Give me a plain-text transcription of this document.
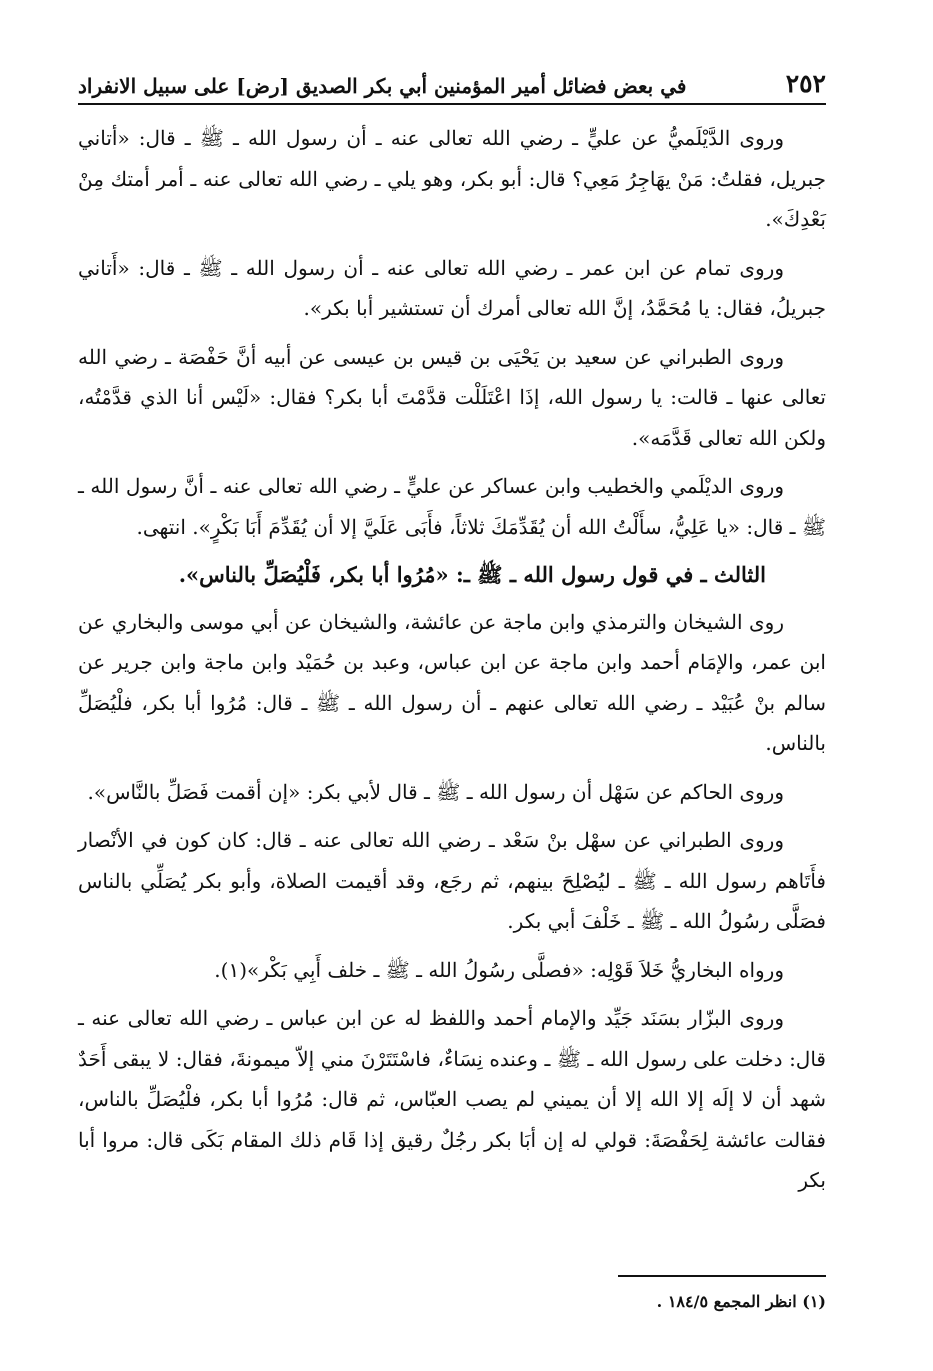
٢٥٢
في بعض فضائل أمير المؤمنين أبي بكر الصديق [رض] على سبيل الانفراد

وروى الدَّيْلَميُّ عن عليٍّ ـ رضي الله تعالى عنه ـ أن رسول الله ـ ﷺ ـ قال: «أتاني جبريل، فقلتُ: مَنْ يهَاجِرُ مَعِي؟ قال: أبو بكر، وهو يلي ـ رضي الله تعالى عنه ـ أمر أمتك مِنْ بَعْدِكَ».

وروى تمام عن ابن عمر ـ رضي الله تعالى عنه ـ أن رسول الله ـ ﷺ ـ قال: «أَتاني جبريلُ، فقال: يا مُحَمَّدُ، إنَّ الله تعالى أمرك أن تستشير أبا بكر».

وروى الطبراني عن سعيد بن يَحْيَى بن قيس بن عيسى عن أبيه أنَّ حَفْصَة ـ رضي الله تعالى عنها ـ قالت: يا رسول الله، إذَا اعْتَلَلْت قدَّمْتَ أبا بكر؟ فقال: «لَيْس أنا الذي قدَّمْتُه، ولكن الله تعالى قَدَّمَه».

وروى الديْلَمي والخطيب وابن عساكر عن عليٍّ ـ رضي الله تعالى عنه ـ أنَّ رسول الله ـ ﷺ ـ قال: «يا عَلِيُّ، سأَلْتُ الله أن يُقَدِّمَكَ ثلاثاً، فأَبَى عَلَيَّ إلا أن يُقَدِّمَ أَبَا بَكْرٍ». انتهى.

الثالث ـ في قول رسول الله ـ ﷺ ـ: «مُرُوا أبا بكر، فَلْيُصَلِّ بالناس».

روى الشيخان والترمذي وابن ماجة عن عائشة، والشيخان عن أبي موسى والبخاري عن ابن عمر، والإمَام أحمد وابن ماجة عن ابن عباس، وعبد بن حُمَيْد وابن ماجة وابن جرير عن سالم بنْ عُبَيْد ـ رضي الله تعالى عنهم ـ أن رسول الله ـ ﷺ ـ قال: مُرُوا أبا بكر، فلْيُصَلِّ بالناس.

وروى الحاكم عن سَهْل أن رسول الله ـ ﷺ ـ قال لأبي بكر: «إن أقمت فَصَلِّ بالنَّاس».

وروى الطبراني عن سهْل بنْ سَعْد ـ رضي الله تعالى عنه ـ قال: كان كون في الأنْصار فأَتَاهم رسول الله ـ ﷺ ـ ليُصْلِحَ بينهم، ثم رجَع، وقد أقيمت الصلاة، وأبو بكر يُصَلِّي بالناس فصَلَّى رسُولُ الله ـ ﷺ ـ خَلْفَ أبي بكر.

ورواه البخاريُّ خَلاَ قَوْلِه: «فصلَّى رسُولُ الله ـ ﷺ ـ خلف أَبِي بَكْر»(١).

وروى البزّار بسَنَد جَيِّد والإمام أحمد واللفظ له عن ابن عباس ـ رضي الله تعالى عنه ـ قال: دخلت على رسول الله ـ ﷺ ـ وعنده نِسَاءٌ، فاسْتَتَرْنَ مني إلاّ ميمونةَ، فقال: لا يبقى أَحَدٌ شهد أن لا إلَه إلا الله إلا أن يميني لم يصب العبّاس، ثم قال: مُرُوا أبا بكر، فلْيُصَلِّ بالناس، فقالت عائشة لِحَفْصَةَ: قولي له إن أبَا بكر رجُلٌ رقيق إذا قَام ذلك المقام بَكَى قال: مروا أبا بكر

(١) انظر المجمع ١٨٤/٥ .
